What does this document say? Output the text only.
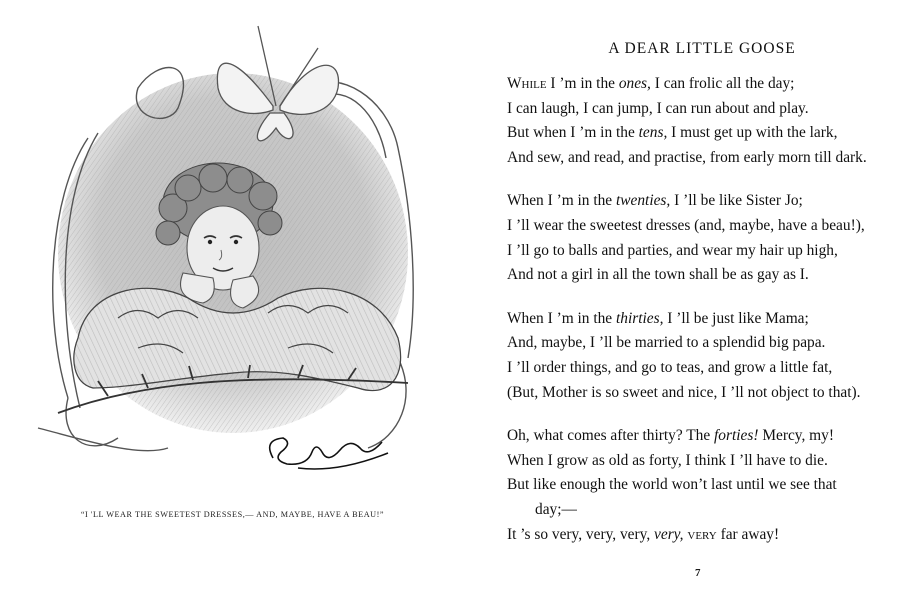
“I 'LL WEAR THE SWEETEST DRESSES,— AND, MAYBE, HAVE A BEAU!”
A DEAR LITTLE GOOSE
While I ’m in the ones, I can frolic all the day;
I can laugh, I can jump, I can run about and play.
But when I ’m in the tens, I must get up with the lark,
And sew, and read, and practise, from early morn till dark.
When I ’m in the twenties, I ’ll be like Sister Jo;
I ’ll wear the sweetest dresses (and, maybe, have a beau!),
I ’ll go to balls and parties, and wear my hair up high,
And not a girl in all the town shall be as gay as I.
When I ’m in the thirties, I ’ll be just like Mama;
And, maybe, I ’ll be married to a splendid big papa.
I ’ll order things, and go to teas, and grow a little fat,
(But, Mother is so sweet and nice, I ’ll not object to that).
Oh, what comes after thirty? The forties! Mercy, my!
When I grow as old as forty, I think I ’ll have to die.
But like enough the world won’t last until we see that
day;—
It ’s so very, very, very, very, very far away!
7
